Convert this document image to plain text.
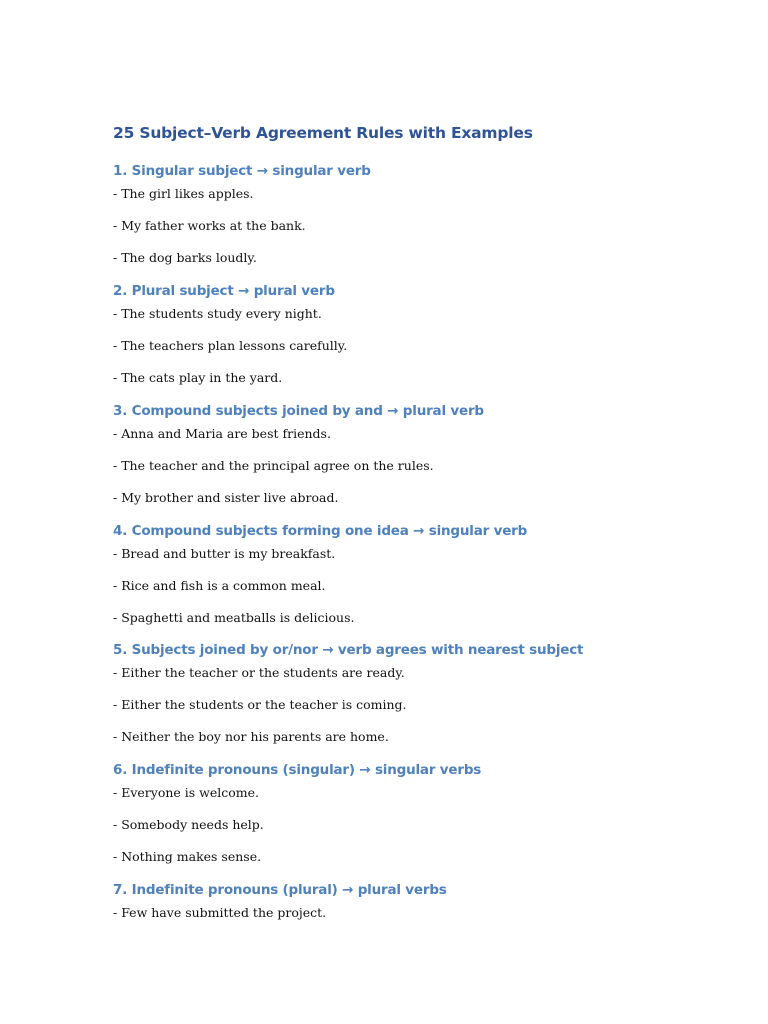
25 Subject–Verb Agreement Rules with Examples
1. Singular subject → singular verb

- The girl likes apples.

- My father works at the bank.

- The dog barks loudly.

2. Plural subject → plural verb

- The students study every night.

- The teachers plan lessons carefully.

- The cats play in the yard.

3. Compound subjects joined by and → plural verb

- Anna and Maria are best friends.

- The teacher and the principal agree on the rules.

- My brother and sister live abroad.

4. Compound subjects forming one idea → singular verb

- Bread and butter is my breakfast.

- Rice and fish is a common meal.

- Spaghetti and meatballs is delicious.

5. Subjects joined by or/nor → verb agrees with nearest subject

- Either the teacher or the students are ready.

- Either the students or the teacher is coming.

- Neither the boy nor his parents are home.

6. Indefinite pronouns (singular) → singular verbs

- Everyone is welcome.

- Somebody needs help.

- Nothing makes sense.

7. Indefinite pronouns (plural) → plural verbs

- Few have submitted the project.
